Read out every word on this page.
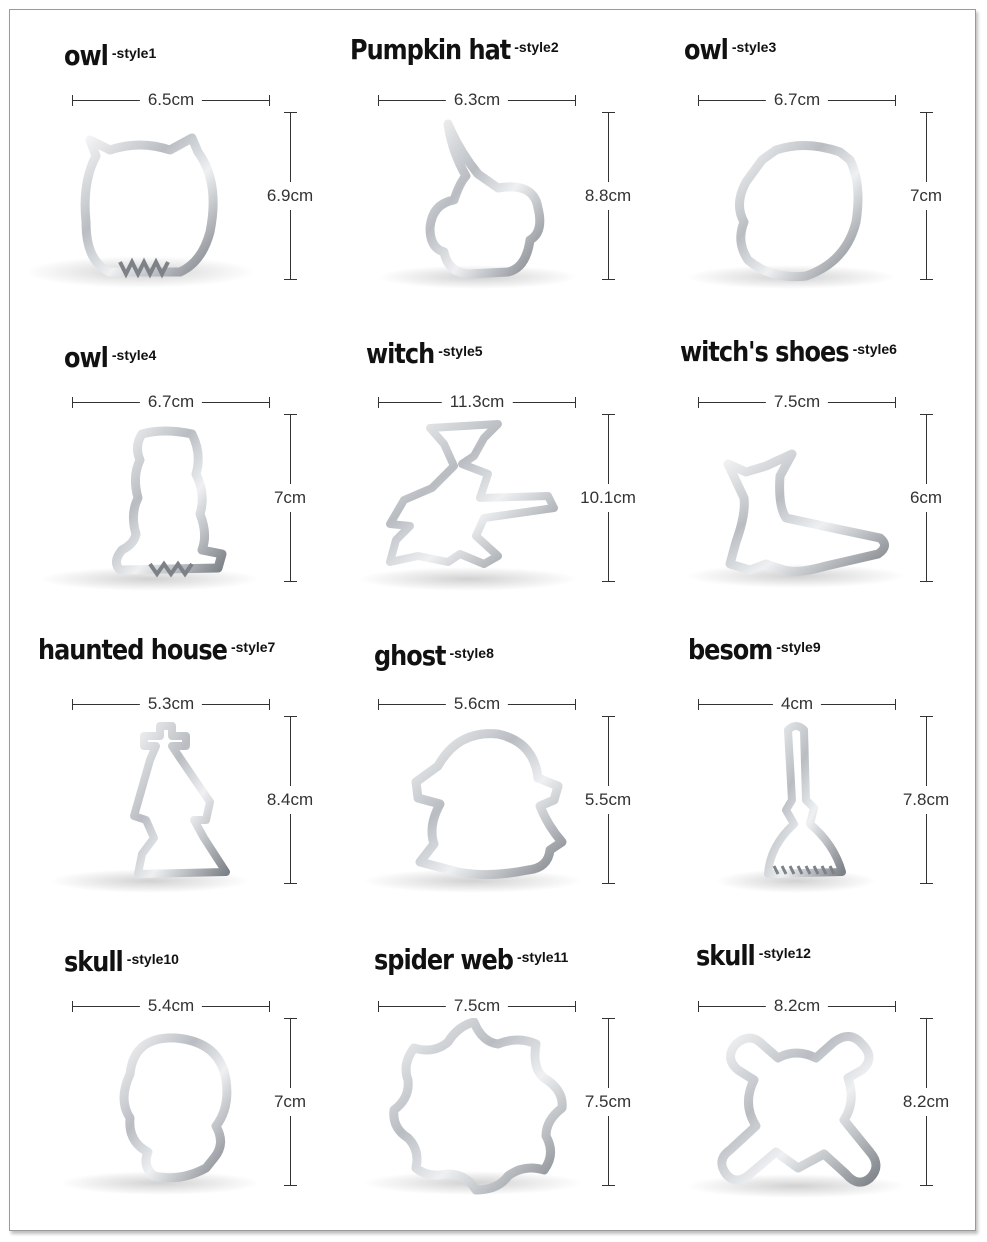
owl -style1
6.5cm
6.9cm
Pumpkin hat -style2
6.3cm
8.8cm
owl -style3
6.7cm
7cm
owl -style4
6.7cm
7cm
witch -style5
11.3cm
10.1cm
witch's shoes -style6
7.5cm
6cm
haunted house -style7
5.3cm
8.4cm
ghost -style8
5.6cm
5.5cm
besom -style9
4cm
7.8cm
skull -style10
5.4cm
7cm
spider web -style11
7.5cm
7.5cm
skull -style12
8.2cm
8.2cm
